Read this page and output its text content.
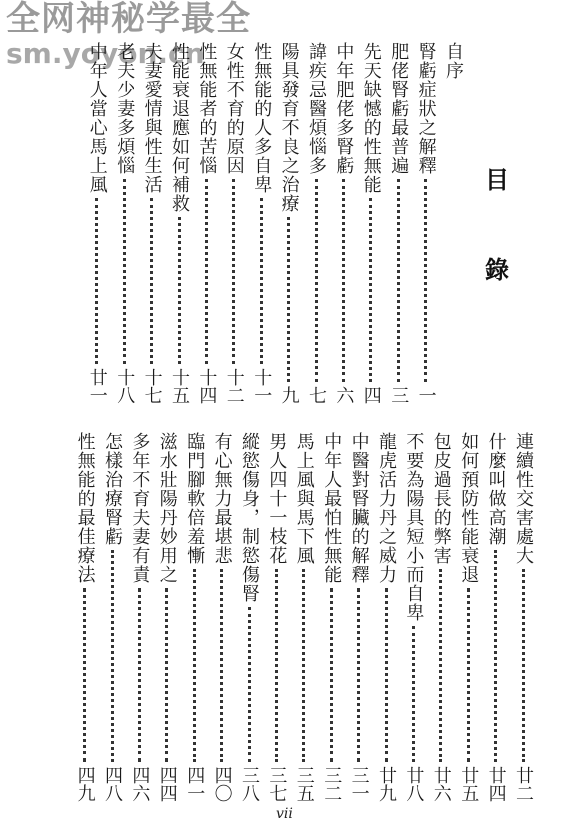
全网神秘学最全
sm.yoyon.cn
目
錄
自序
腎虧症狀之解釋
一
肥佬腎虧最普遍
三
先天缺憾的性無能
四
中年肥佬多腎虧
六
諱疾忌醫煩惱多
七
陽具發育不良之治療
九
性無能的人多自卑
十一
女性不育的原因
十二
性無能者的苦惱
十四
性能衰退應如何補救
十五
夫妻愛情與性生活
十七
老夫少妻多煩惱
十八
中年人當心馬上風
廿一
連續性交害處大
廿二
什麼叫做高潮
廿四
如何預防性能衰退
廿五
包皮過長的弊害
廿六
不要為陽具短小而自卑
廿八
龍虎活力丹之威力
廿九
中醫對腎臟的解釋
三一
中年人最怕性無能
三二
馬上風與馬下風
三五
男人四十一枝花
三七
縱慾傷身，制慾傷腎
三八
有心無力最堪悲
四〇
臨門腳軟倍羞慚
四一
滋水壯陽丹妙用之
四四
多年不育夫妻有責
四六
怎樣治療腎虧
四八
性無能的最佳療法
四九
vii
